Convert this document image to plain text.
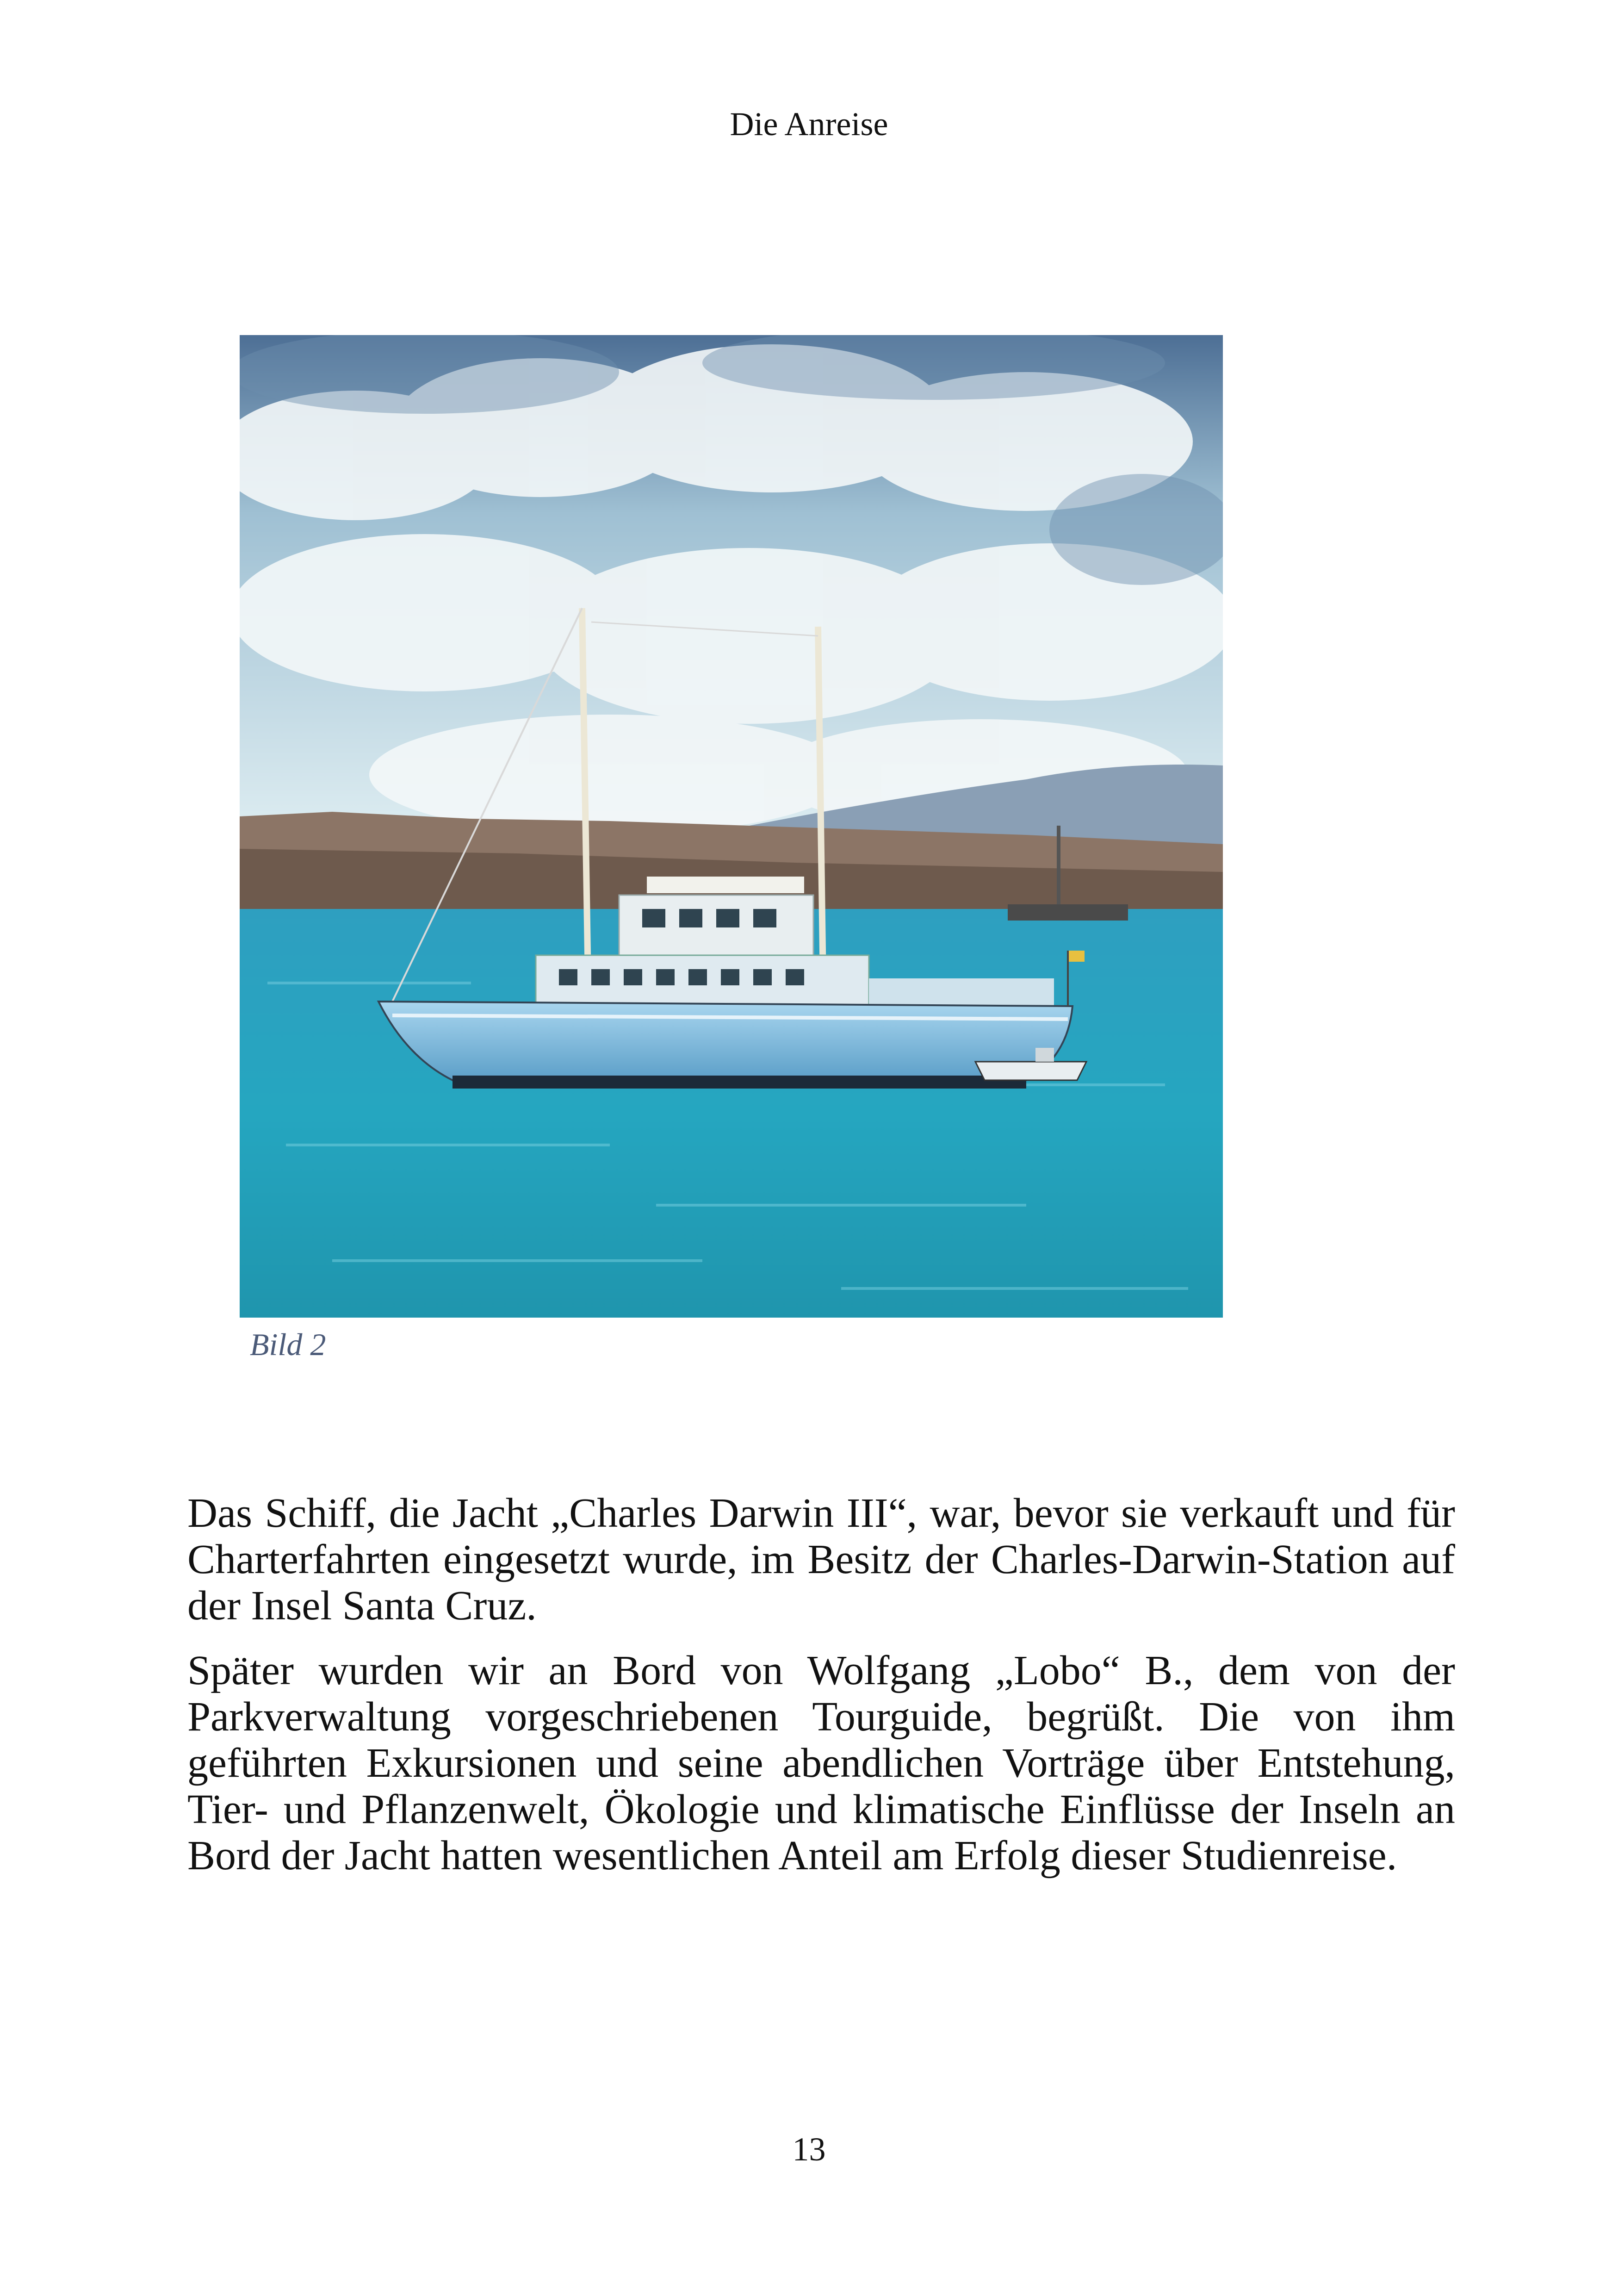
Die Anreise
Bild 2

Das Schiff, die Jacht „Charles Darwin III“, war, bevor sie verkauft und für Charterfahrten eingesetzt wurde, im Besitz der Charles-Darwin-Station auf der Insel Santa Cruz.

Später wurden wir an Bord von Wolfgang „Lobo“ B., dem von der Parkverwaltung vorgeschriebenen Tourguide, begrüßt. Die von ihm geführten Exkursionen und seine abendlichen Vorträge über Entstehung, Tier- und Pflanzenwelt, Ökologie und klimatische Einflüsse der Inseln an Bord der Jacht hatten wesentlichen Anteil am Erfolg dieser Studienreise.

13
